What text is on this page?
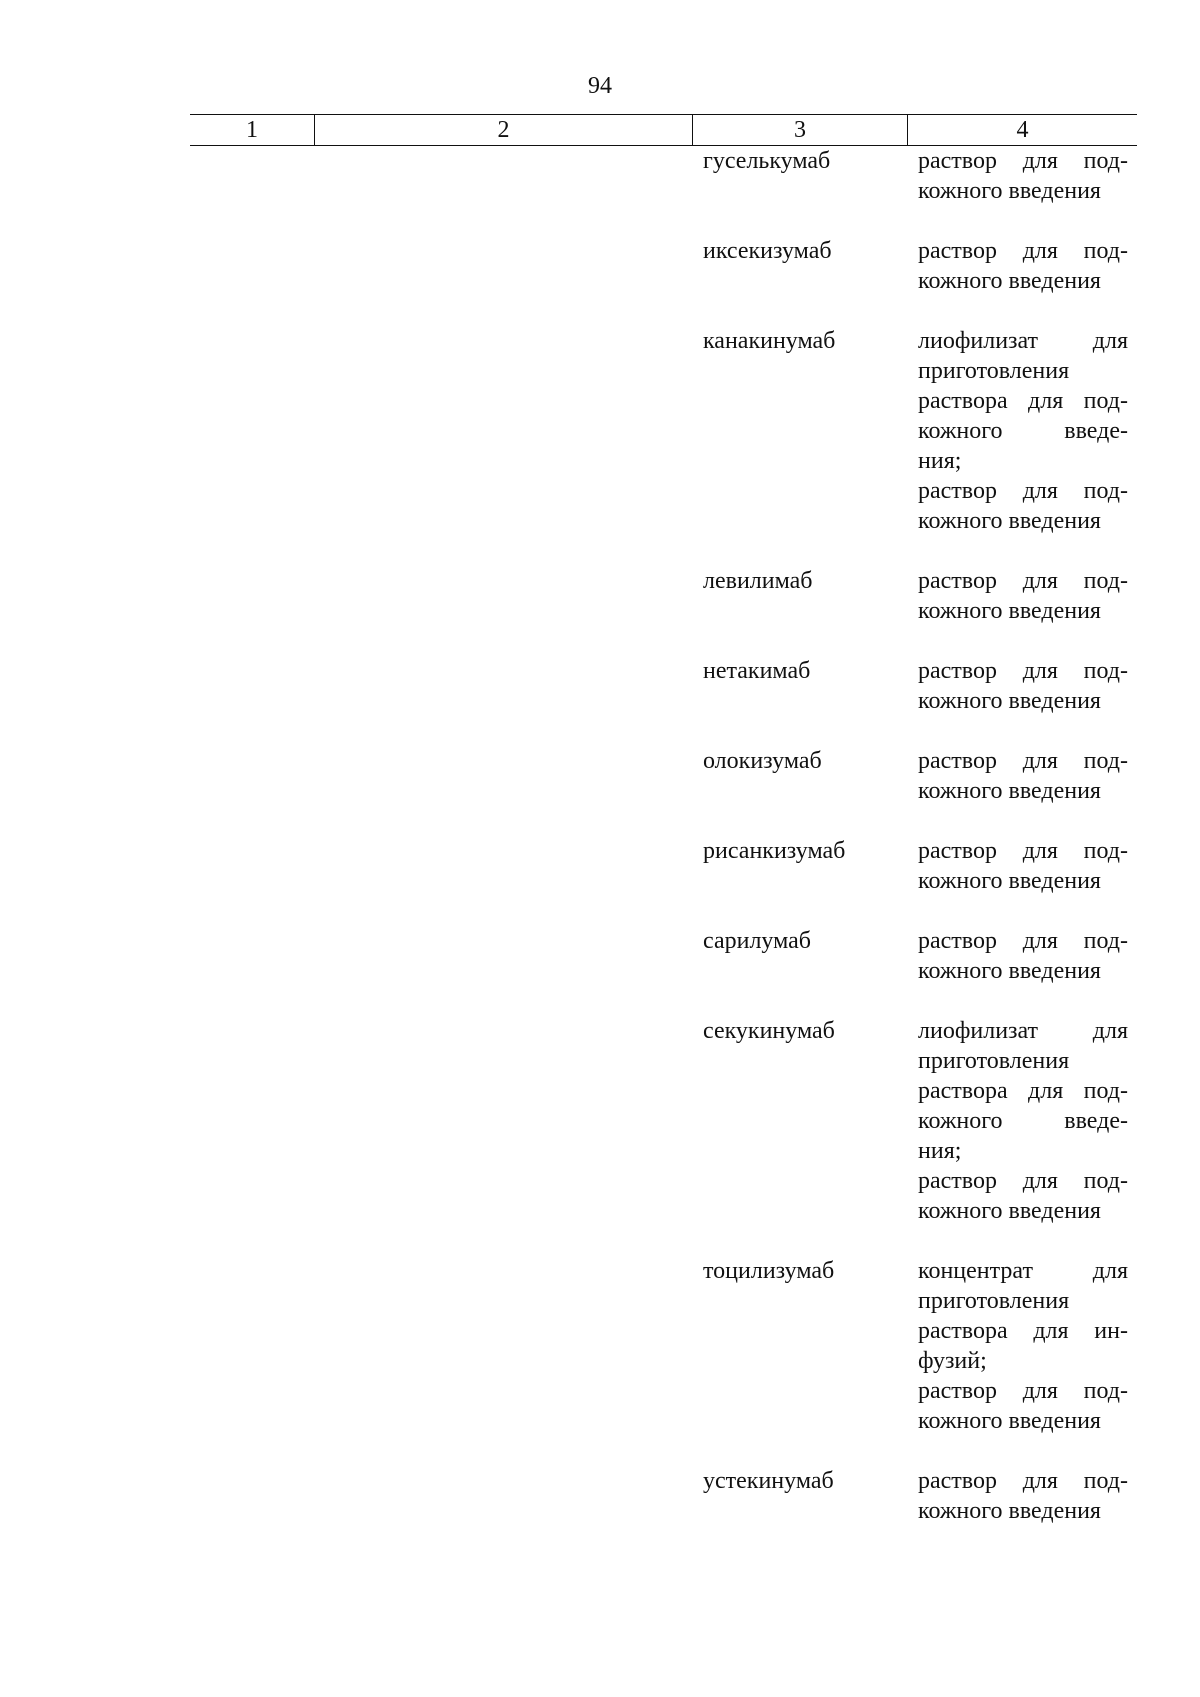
94
1	2	3	4
гуселькумаб	раствор для под-
кожного введения
иксекизумаб	раствор для под-
кожного введения
канакинумаб	лиофилизат для
приготовления
раствора для под-
кожного	введе-
ния;
раствор для под-
кожного введения
левилимаб	раствор для под-
кожного введения
нетакимаб	раствор для под-
кожного введения
олокизумаб	раствор для под-
кожного введения
рисанкизумаб	раствор для под-
кожного введения
сарилумаб	раствор для под-
кожного введения
секукинумаб	лиофилизат для
приготовления
раствора для под-
кожного	введе-
ния;
раствор для под-
кожного введения
тоцилизумаб	концентрат для
приготовления
раствора для ин-
фузий;
раствор для под-
кожного введения
устекинумаб	раствор для под-
кожного введения
